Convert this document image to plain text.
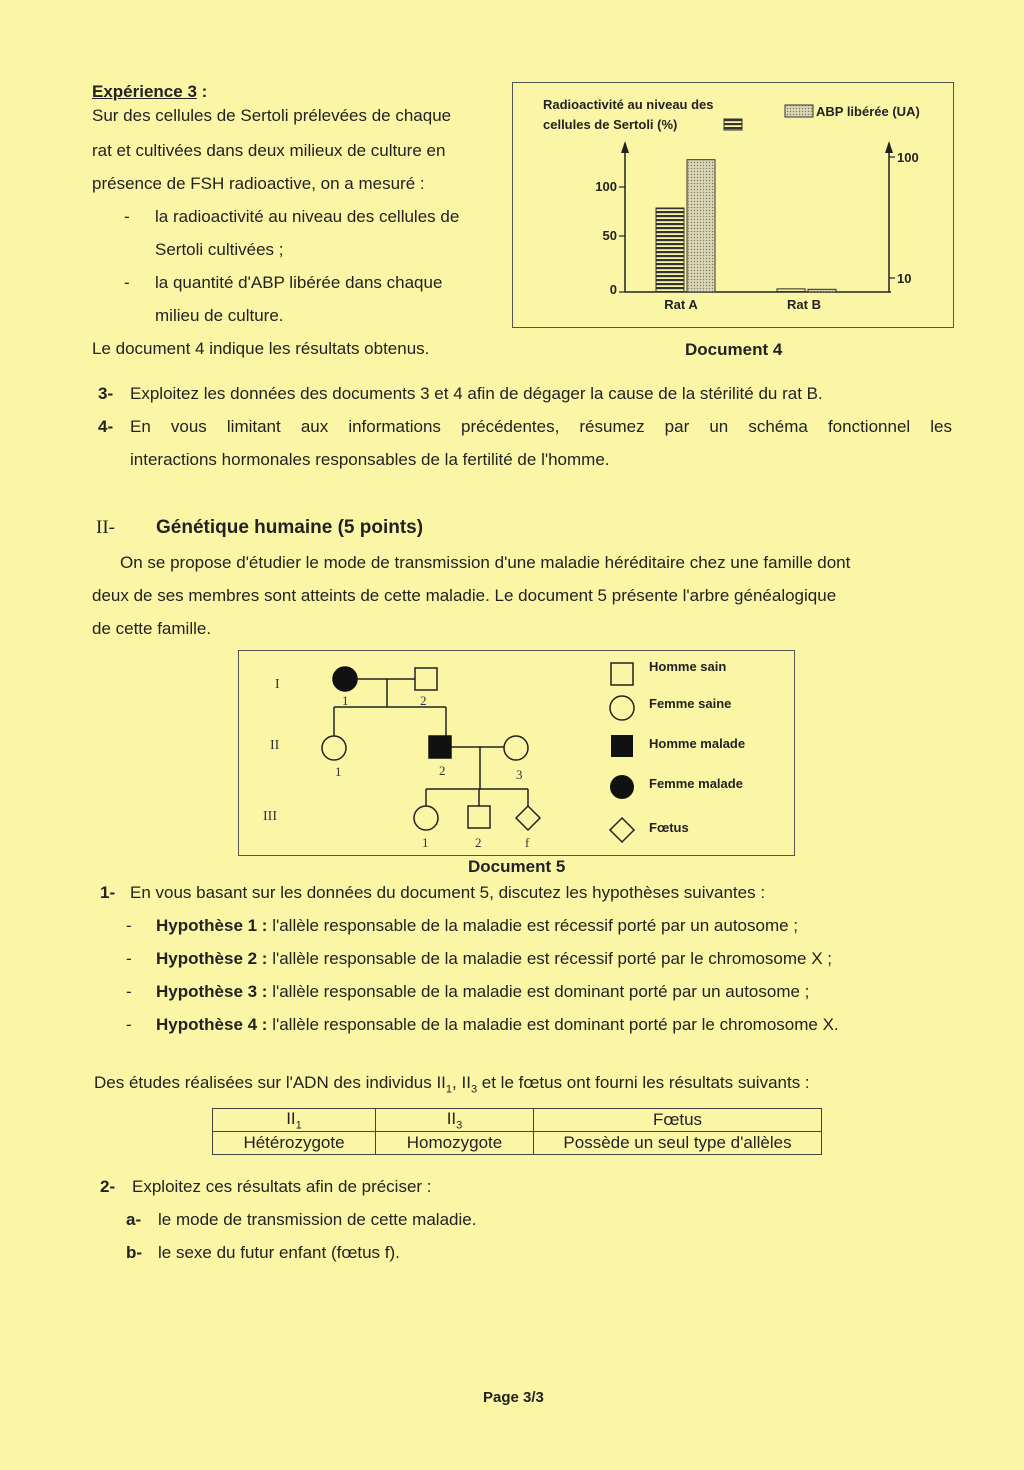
Expérience 3 :
Sur des cellules de Sertoli prélevées de chaque
rat et cultivées dans deux milieux de culture en
présence de FSH radioactive, on a mesuré :
- la radioactivité au niveau des cellules de
Sertoli cultivées ;
- la quantité d'ABP libérée dans chaque
milieu de culture.
Le document 4 indique les résultats obtenus.
Radioactivité au niveau des
cellules de Sertoli (%)
ABP libérée (UA)
100
50
0
100
10
Rat A	Rat B
Document 4
3- Exploitez les données des documents 3 et 4 afin de dégager la cause de la stérilité du rat B.
4- En vous limitant aux informations précédentes, résumez par un schéma fonctionnel les
interactions hormonales responsables de la fertilité de l'homme.
II- Génétique humaine (5 points)
On se propose d'étudier le mode de transmission d'une maladie héréditaire chez une famille dont
deux de ses membres sont atteints de cette maladie. Le document 5 présente l'arbre généalogique
de cette famille.
I
II
III
1	2
1	2	3
1	2	f
Homme sain
Femme saine
Homme malade
Femme malade
Fœtus
Document 5
1- En vous basant sur les données du document 5, discutez les hypothèses suivantes :
- Hypothèse 1 : l'allèle responsable de la maladie est récessif porté par un autosome ;
- Hypothèse 2 : l'allèle responsable de la maladie est récessif porté par le chromosome X ;
- Hypothèse 3 : l'allèle responsable de la maladie est dominant porté par un autosome ;
- Hypothèse 4 : l'allèle responsable de la maladie est dominant porté par le chromosome X.
Des études réalisées sur l'ADN des individus $II_1$, $II_3$ et le fœtus ont fourni les résultats suivants :
$II_1$	$II_3$	Fœtus
Hétérozygote	Homozygote	Possède un seul type d'allèles
2- Exploitez ces résultats afin de préciser :
a- le mode de transmission de cette maladie.
b- le sexe du futur enfant (fœtus f).
Page 3/3
